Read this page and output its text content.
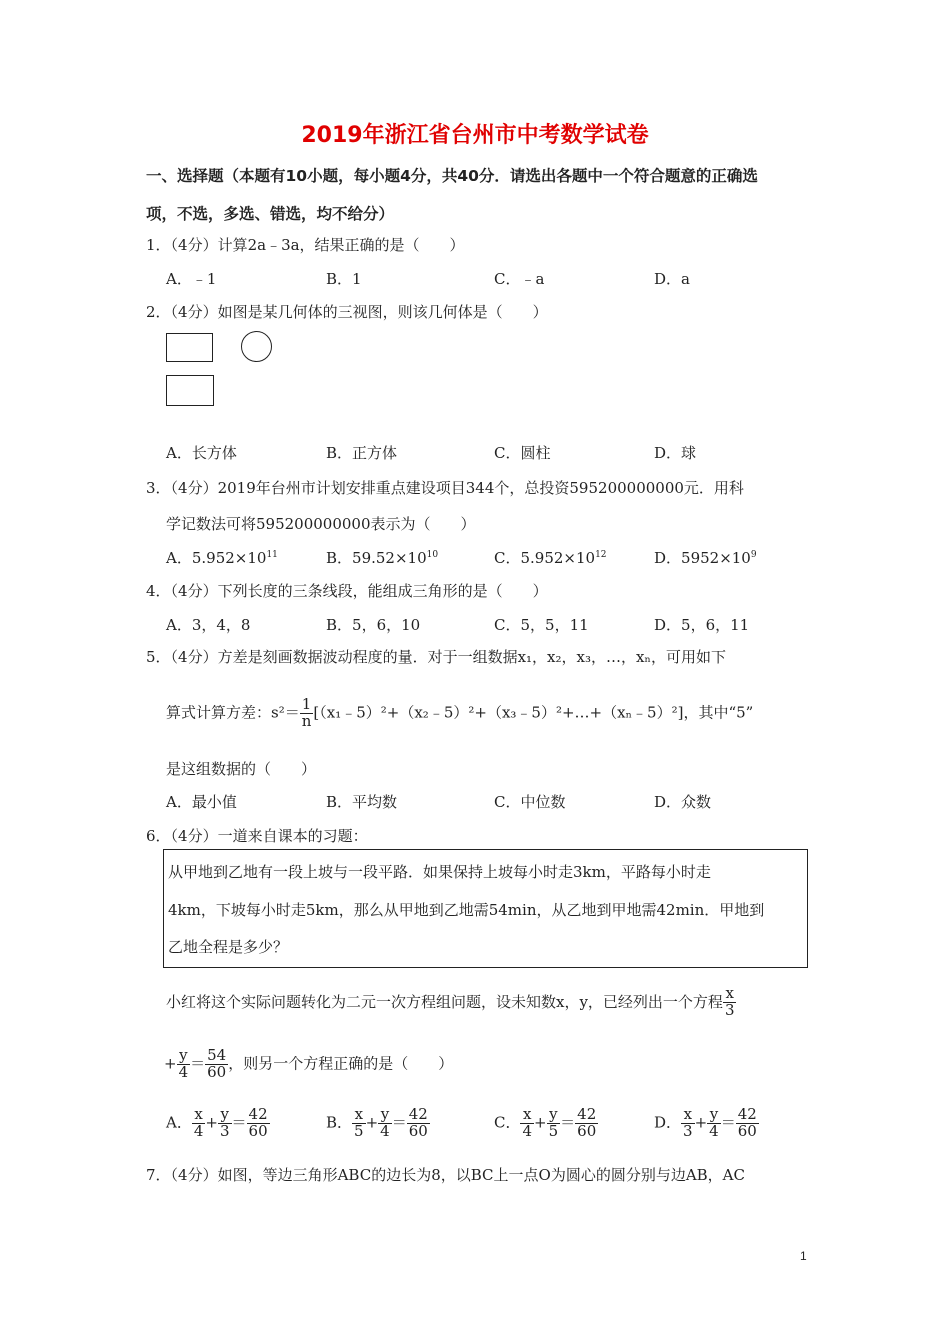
2019年浙江省台州市中考数学试卷
一、选择题（本题有10小题，每小题4分，共40分．请选出各题中一个符合题意的正确选
项，不选，多选、错选，均不给分）
1．（4分）计算2a﹣3a，结果正确的是（　　）
A．﹣1	B．1	C．﹣a	D．a
2．（4分）如图是某几何体的三视图，则该几何体是（　　）
A．长方体	B．正方体	C．圆柱	D．球
3．（4分）2019年台州市计划安排重点建设项目344个，总投资595200000000元．用科
学记数法可将595200000000表示为（　　）
A．$5.952\times 10^{11}$	B．$59.52\times 10^{10}$	C．$5.952\times 10^{12}$	D．$5952\times 10^9$
4．（4分）下列长度的三条线段，能组成三角形的是（　　）
A．3，4，8	B．5，6，10	C．5，5，11	D．5，6，11
5．（4分）方差是刻画数据波动程度的量．对于一组数据x₁，x₂，x₃，…，xₙ，可用如下
算式计算方差：$s^2= \frac{1}{n}$ [（x₁﹣5）²+（x₂﹣5）²+（x₃﹣5）²+…+（xₙ﹣5）²]，其中“5”
是这组数据的（　　）
A．最小值	B．平均数	C．中位数	D．众数
6．（4分）一道来自课本的习题：
从甲地到乙地有一段上坡与一段平路．如果保持上坡每小时走3km，平路每小时走
4km，下坡每小时走5km，那么从甲地到乙地需54min，从乙地到甲地需42min．甲地到
乙地全程是多少？
小红将这个实际问题转化为二元一次方程组问题，设未知数x，y，已经列出一个方程 $\frac{x}{3}$
+ $\frac{y}{4} = \frac{54}{60}$ ，则另一个方程正确的是（　　）
A． $\frac{x}{4} + \frac{y}{3} = \frac{42}{60}$	B． $\frac{x}{5} + \frac{y}{4} = \frac{42}{60}$	C． $\frac{x}{4} + \frac{y}{5} = \frac{42}{60}$	D． $\frac{x}{3} + \frac{y}{4} = \frac{42}{60}$
7．（4分）如图，等边三角形ABC的边长为8，以BC上一点O为圆心的圆分别与边AB，AC
1
